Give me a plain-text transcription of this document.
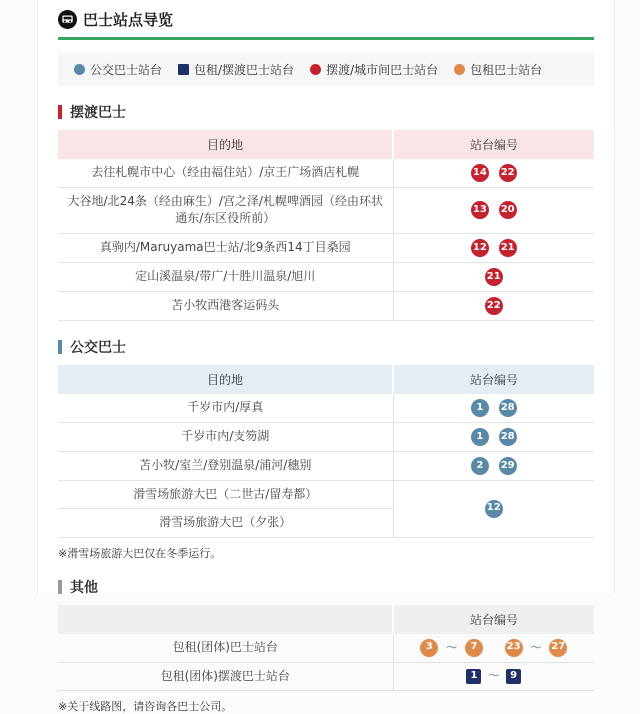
巴士站点导览
公交巴士站台	包租/摆渡巴士站台	摆渡/城市间巴士站台	包租巴士站台
摆渡巴士
目的地	站台编号
去往札幌市中心（经由福住站）/京王广场酒店札幌	14 22
大谷地/北24条（经由麻生）/宫之泽/札幌啤酒园（经由环状通东/东区役所前）	13 20
真驹内/Maruyama巴士站/北9条西14丁目桑园	12 21
定山溪温泉/带广/十胜川温泉/旭川	21
苫小牧西港客运码头	22
公交巴士
目的地	站台编号
千岁市内/厚真	1 28
千岁市内/支笏湖	1 28
苫小牧/室兰/登别温泉/浦河/穗别	2 29
滑雪场旅游大巴（二世古/留寿都）	12
滑雪场旅游大巴（夕张）	
※滑雪场旅游大巴仅在冬季运行。
其他
	站台编号
包租(团体)巴士站台	3 ～ 7 23 ～ 27
包租(团体)摆渡巴士站台	1 ～ 9
※关于线路图，请咨询各巴士公司。
